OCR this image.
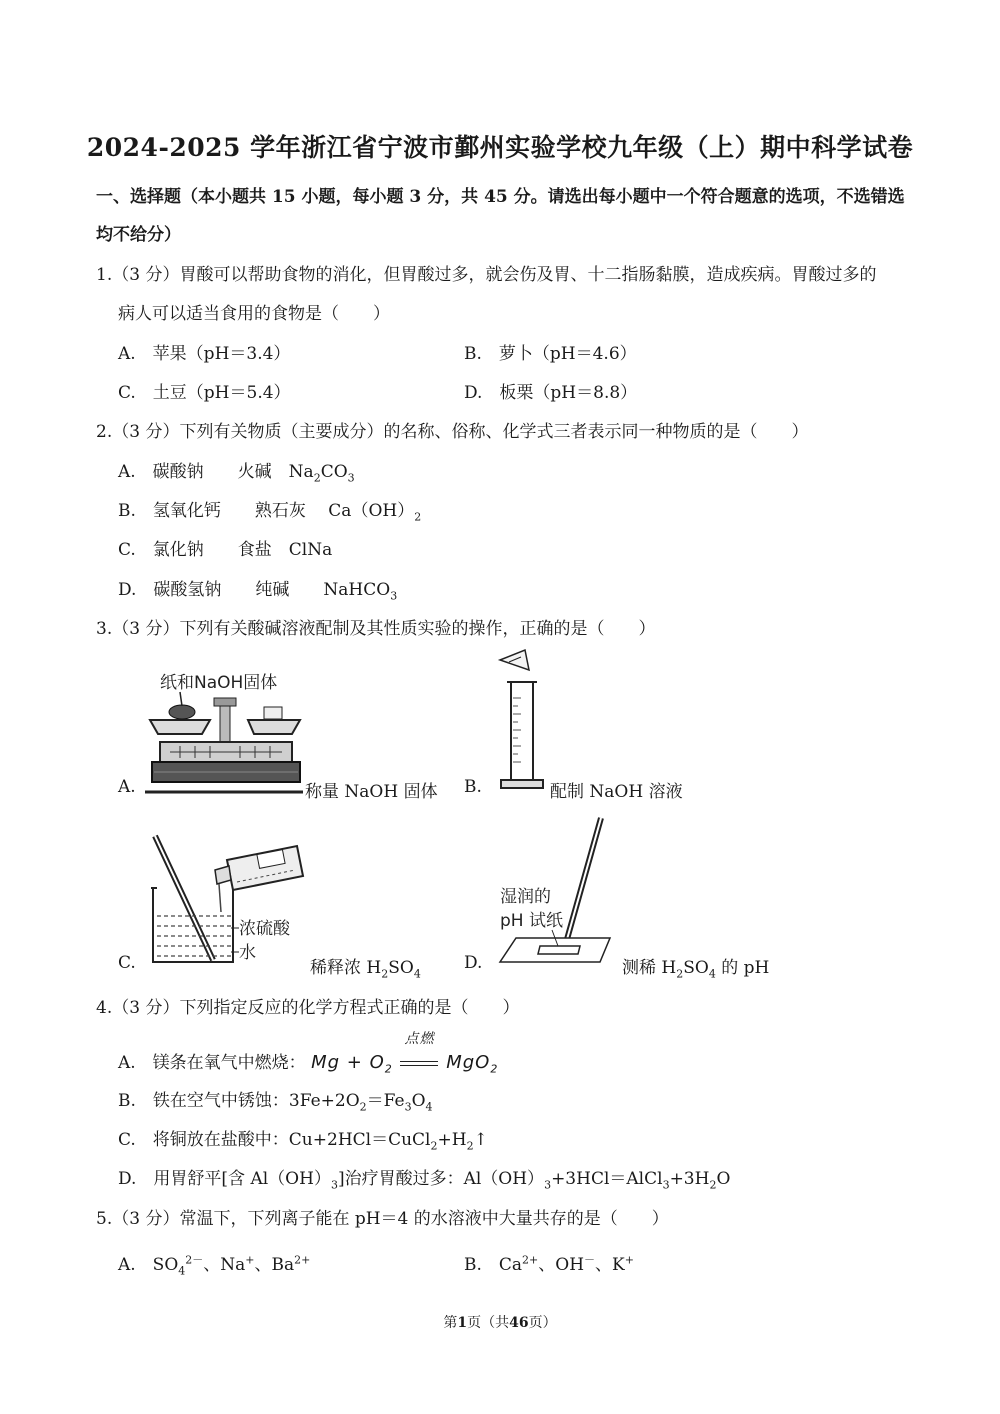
2024-2025 学年浙江省宁波市鄞州实验学校九年级（上）期中科学试卷
一、选择题（本小题共 15 小题，每小题 3 分，共 45 分。请选出每小题中一个符合题意的选项，不选错选
均不给分）
1.（3 分）胃酸可以帮助食物的消化，但胃酸过多，就会伤及胃、十二指肠黏膜，造成疾病。胃酸过多的
病人可以适当食用的食物是（　　）
A.　苹果（pH＝3.4）	B.　萝卜（pH＝4.6）
C.　土豆（pH＝5.4）	D.　板栗（pH＝8.8）
2.（3 分）下列有关物质（主要成分）的名称、俗称、化学式三者表示同一种物质的是（　　）
A.　碳酸钠　　火碱　$Na_2CO_3$
B.　氢氧化钙　　熟石灰　 $Ca(OH)_2$
C.　氯化钠　　食盐　ClNa
D.　碳酸氢钠　　纯碱　　NaHCO$_3$
3.（3 分）下列有关酸碱溶液配制及其性质实验的操作，正确的是（　　）
A.
纸和NaOH固体
称量 NaOH 固体 B.	配制 NaOH 溶液
C.
浓硫酸
水
稀释浓 $H_2SO_4$
D.
湿润的
pH 试纸
测稀 $H_2SO_4$ 的 pH
4.（3 分）下列指定反应的化学方程式正确的是（　　）
A.　镁条在氧气中燃烧： $Mg + O_2$
点燃
MgO$_2$
B.　铁在空气中锈蚀：$3Fe+2O_2=Fe_3O_4$
C.　将铜放在盐酸中：$Cu+2HCl=CuCl_2+H_2↑$
D.　用胃舒平[含 $Al(OH)_3$]治疗胃酸过多：$Al(OH)_3+3HCl=AlCl_3+3H_2O$
5.（3 分）常温下，下列离子能在 pH＝4 的水溶液中大量共存的是（　　）
A.　$SO_4^{2-}$、Na+、$Ba^{2+}$	B.　$Ca^{2+}$、OH－、K+
第1页（共46页）
